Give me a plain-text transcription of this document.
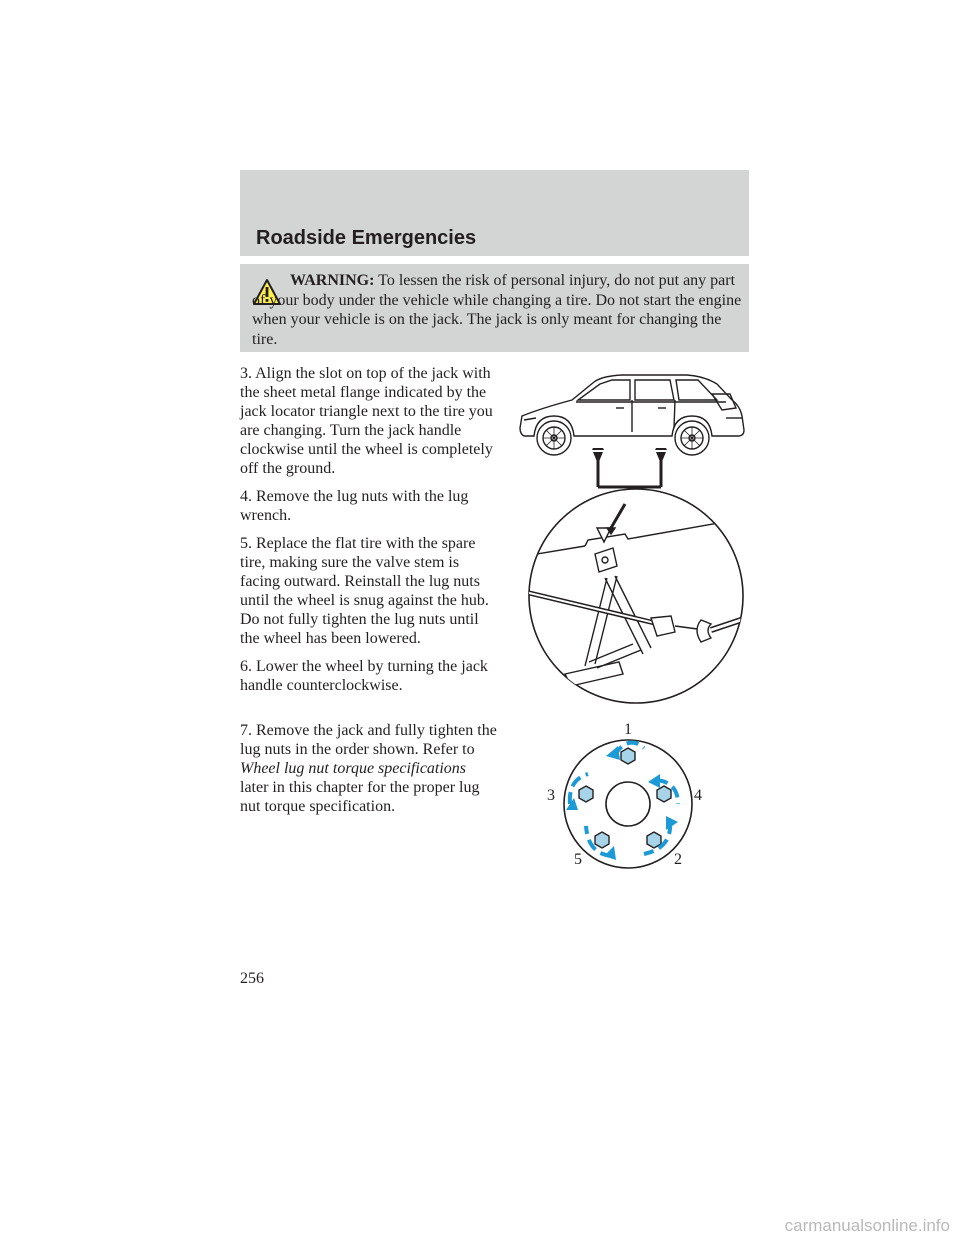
Roadside Emergencies
WARNING: To lessen the risk of personal injury, do not put any part of your body under the vehicle while changing a tire. Do not start the engine when your vehicle is on the jack. The jack is only meant for changing the tire.

3. Align the slot on top of the jack with the sheet metal flange indicated by the jack locator triangle next to the tire you are changing. Turn the jack handle clockwise until the wheel is completely off the ground.

4. Remove the lug nuts with the lug wrench.

5. Replace the flat tire with the spare tire, making sure the valve stem is facing outward. Reinstall the lug nuts until the wheel is snug against the hub. Do not fully tighten the lug nuts until the wheel has been lowered.

6. Lower the wheel by turning the jack handle counterclockwise.

7. Remove the jack and fully tighten the lug nuts in the order shown. Refer to Wheel lug nut torque specifications later in this chapter for the proper lug nut torque specification.

1
2
3	4
5
256
carmanualsonline.info
